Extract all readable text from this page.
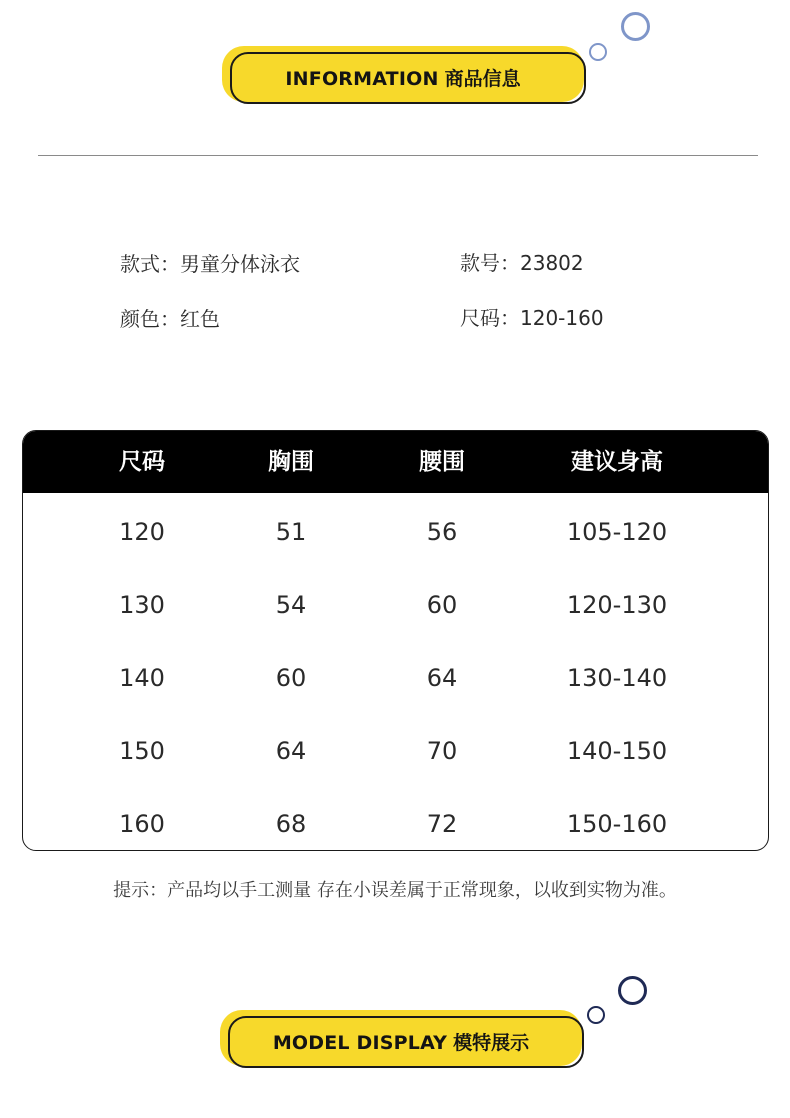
INFORMATION 商品信息
款式：男童分体泳衣	款号：23802
颜色：红色	尺码：120-160
尺码	胸围	腰围	建议身高
120	51	56	105-120
130	54	60	120-130
140	60	64	130-140
150	64	70	140-150
160	68	72	150-160
提示：产品均以手工测量 存在小误差属于正常现象，以收到实物为准。
MODEL DISPLAY 模特展示
